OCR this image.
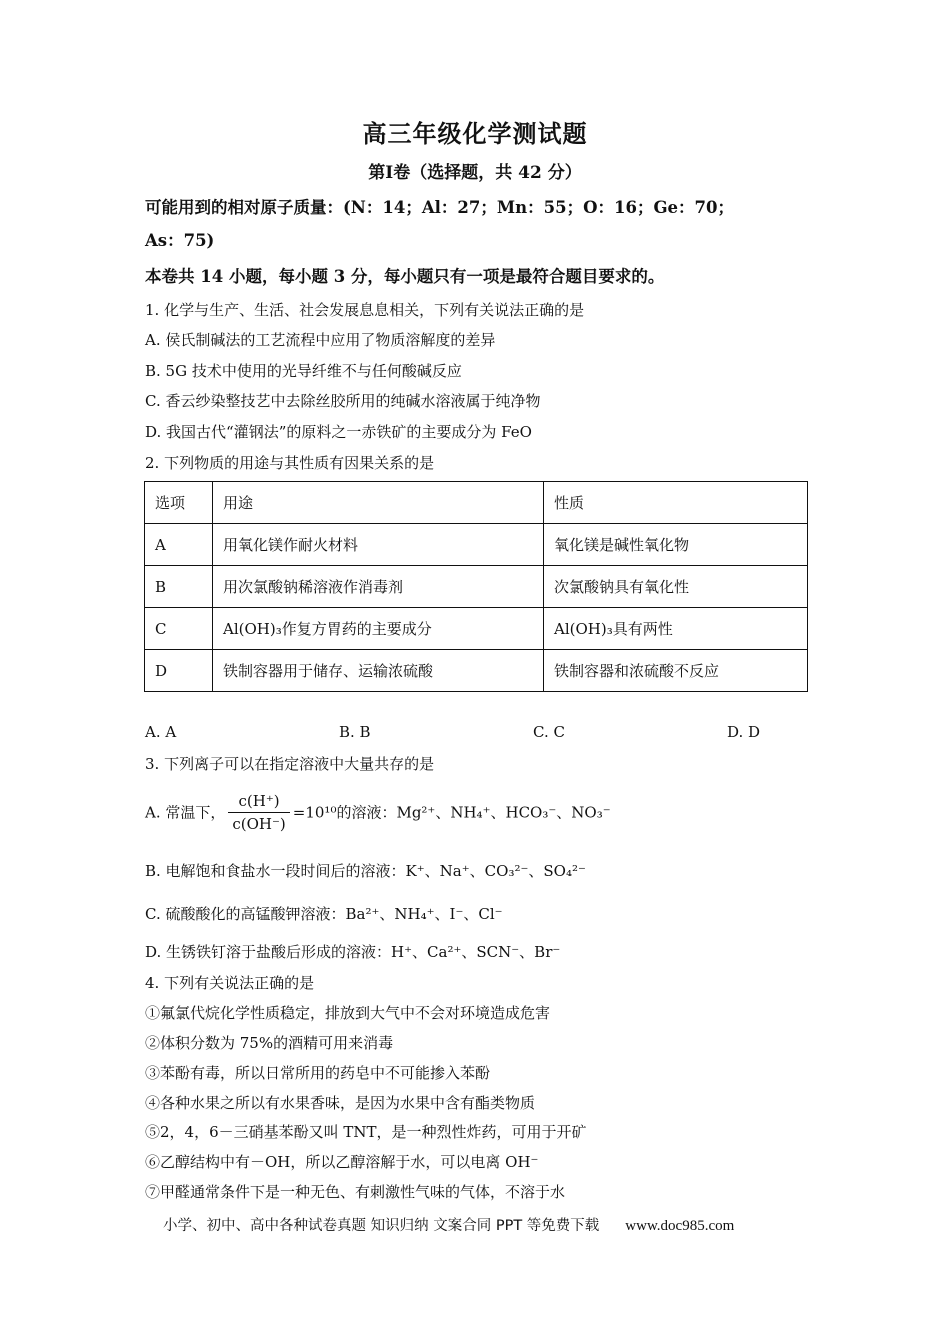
高三年级化学测试题
第Ⅰ卷（选择题，共 42 分）
可能用到的相对原子质量：(N：14；Al：27；Mn：55；O：16；Ge：70；
As：75)
本卷共 14 小题，每小题 3 分，每小题只有一项是最符合题目要求的。
1. 化学与生产、生活、社会发展息息相关，下列有关说法正确的是
A. 侯氏制碱法的工艺流程中应用了物质溶解度的差异
B. 5G 技术中使用的光导纤维不与任何酸碱反应
C. 香云纱染整技艺中去除丝胶所用的纯碱水溶液属于纯净物
D. 我国古代“灌钢法”的原料之一赤铁矿的主要成分为 FeO
2. 下列物质的用途与其性质有因果关系的是
选项	用途	性质
A	用氧化镁作耐火材料	氧化镁是碱性氧化物
B	用次氯酸钠稀溶液作消毒剂	次氯酸钠具有氧化性
C	Al(OH)₃作复方胃药的主要成分	Al(OH)₃具有两性
D	铁制容器用于储存、运输浓硫酸	铁制容器和浓硫酸不反应
A. A	B. B	C. C	D. D
3. 下列离子可以在指定溶液中大量共存的是
A. 常温下， $\frac{c(H^+)}{c(OH^-)} =10^{10}$的溶液：Mg²⁺、NH₄⁺、HCO₃⁻、NO₃⁻
B. 电解饱和食盐水一段时间后的溶液：K⁺、Na⁺、CO₃²⁻、SO₄²⁻
C. 硫酸酸化的高锰酸钾溶液：Ba²⁺、NH₄⁺、I⁻、Cl⁻
D. 生锈铁钉溶于盐酸后形成的溶液：H⁺、Ca²⁺、SCN⁻、Br⁻
4. 下列有关说法正确的是
①氟氯代烷化学性质稳定，排放到大气中不会对环境造成危害
②体积分数为 75%的酒精可用来消毒
③苯酚有毒，所以日常所用的药皂中不可能掺入苯酚
④各种水果之所以有水果香味，是因为水果中含有酯类物质
⑤2，4，6－三硝基苯酚又叫 TNT，是一种烈性炸药，可用于开矿
⑥乙醇结构中有－OH，所以乙醇溶解于水，可以电离 OH⁻
⑦甲醛通常条件下是一种无色、有刺激性气味的气体，不溶于水
小学、初中、高中各种试卷真题 知识归纳 文案合同 PPT 等免费下载 www.doc985.com
